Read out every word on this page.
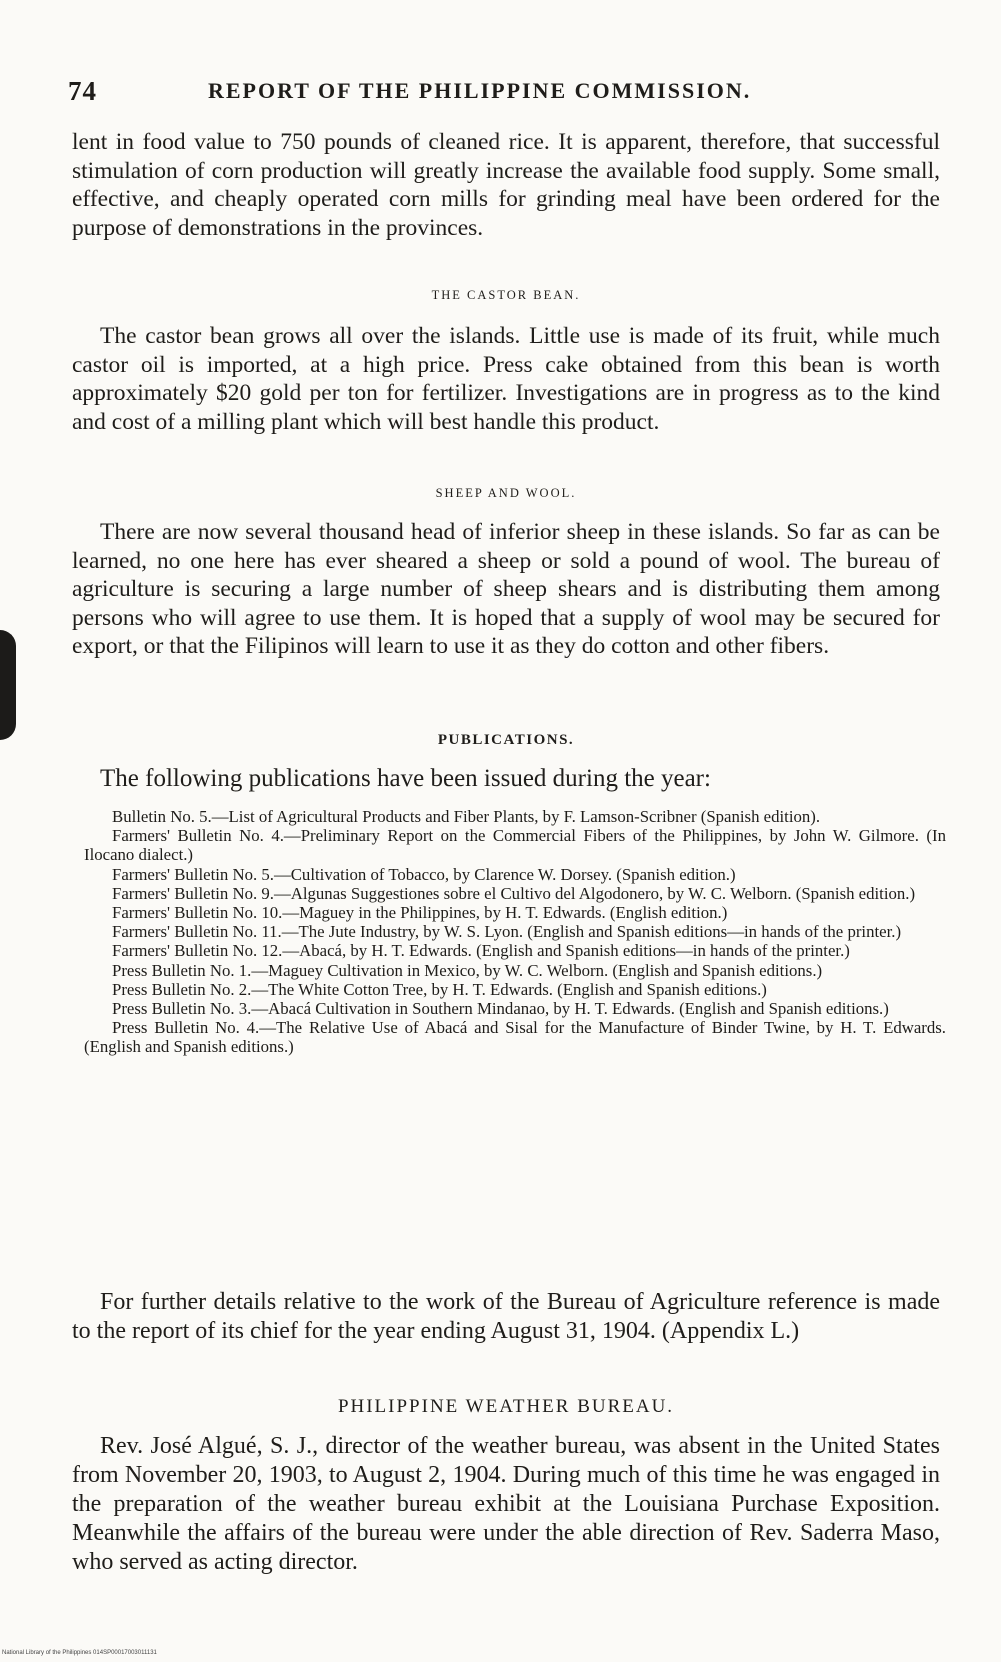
74	REPORT OF THE PHILIPPINE COMMISSION.

lent in food value to 750 pounds of cleaned rice. It is apparent, therefore, that successful stimulation of corn production will greatly increase the available food supply. Some small, effective, and cheaply operated corn mills for grinding meal have been ordered for the purpose of demonstrations in the provinces.

THE CASTOR BEAN.

The castor bean grows all over the islands. Little use is made of its fruit, while much castor oil is imported, at a high price. Press cake obtained from this bean is worth approximately $20 gold per ton for fertilizer. Investigations are in progress as to the kind and cost of a milling plant which will best handle this product.

SHEEP AND WOOL.

There are now several thousand head of inferior sheep in these islands. So far as can be learned, no one here has ever sheared a sheep or sold a pound of wool. The bureau of agriculture is securing a large number of sheep shears and is distributing them among persons who will agree to use them. It is hoped that a supply of wool may be secured for export, or that the Filipinos will learn to use it as they do cotton and other fibers.

PUBLICATIONS.

The following publications have been issued during the year:

Bulletin No. 5.—List of Agricultural Products and Fiber Plants, by F. Lamson-Scribner (Spanish edition).

Farmers' Bulletin No. 4.—Preliminary Report on the Commercial Fibers of the Philippines, by John W. Gilmore. (In Ilocano dialect.)

Farmers' Bulletin No. 5.—Cultivation of Tobacco, by Clarence W. Dorsey. (Spanish edition.)

Farmers' Bulletin No. 9.—Algunas Suggestiones sobre el Cultivo del Algodonero, by W. C. Welborn. (Spanish edition.)

Farmers' Bulletin No. 10.—Maguey in the Philippines, by H. T. Edwards. (English edition.)

Farmers' Bulletin No. 11.—The Jute Industry, by W. S. Lyon. (English and Spanish editions—in hands of the printer.)

Farmers' Bulletin No. 12.—Abacá, by H. T. Edwards. (English and Spanish editions—in hands of the printer.)

Press Bulletin No. 1.—Maguey Cultivation in Mexico, by W. C. Welborn. (English and Spanish editions.)

Press Bulletin No. 2.—The White Cotton Tree, by H. T. Edwards. (English and Spanish editions.)

Press Bulletin No. 3.—Abacá Cultivation in Southern Mindanao, by H. T. Edwards. (English and Spanish editions.)

Press Bulletin No. 4.—The Relative Use of Abacá and Sisal for the Manufacture of Binder Twine, by H. T. Edwards. (English and Spanish editions.)

For further details relative to the work of the Bureau of Agriculture reference is made to the report of its chief for the year ending August 31, 1904. (Appendix L.)

PHILIPPINE WEATHER BUREAU.

Rev. José Algué, S. J., director of the weather bureau, was absent in the United States from November 20, 1903, to August 2, 1904. During much of this time he was engaged in the preparation of the weather bureau exhibit at the Louisiana Purchase Exposition. Meanwhile the affairs of the bureau were under the able direction of Rev. Saderra Maso, who served as acting director.

National Library of the Philippines 014SP00017003011131
